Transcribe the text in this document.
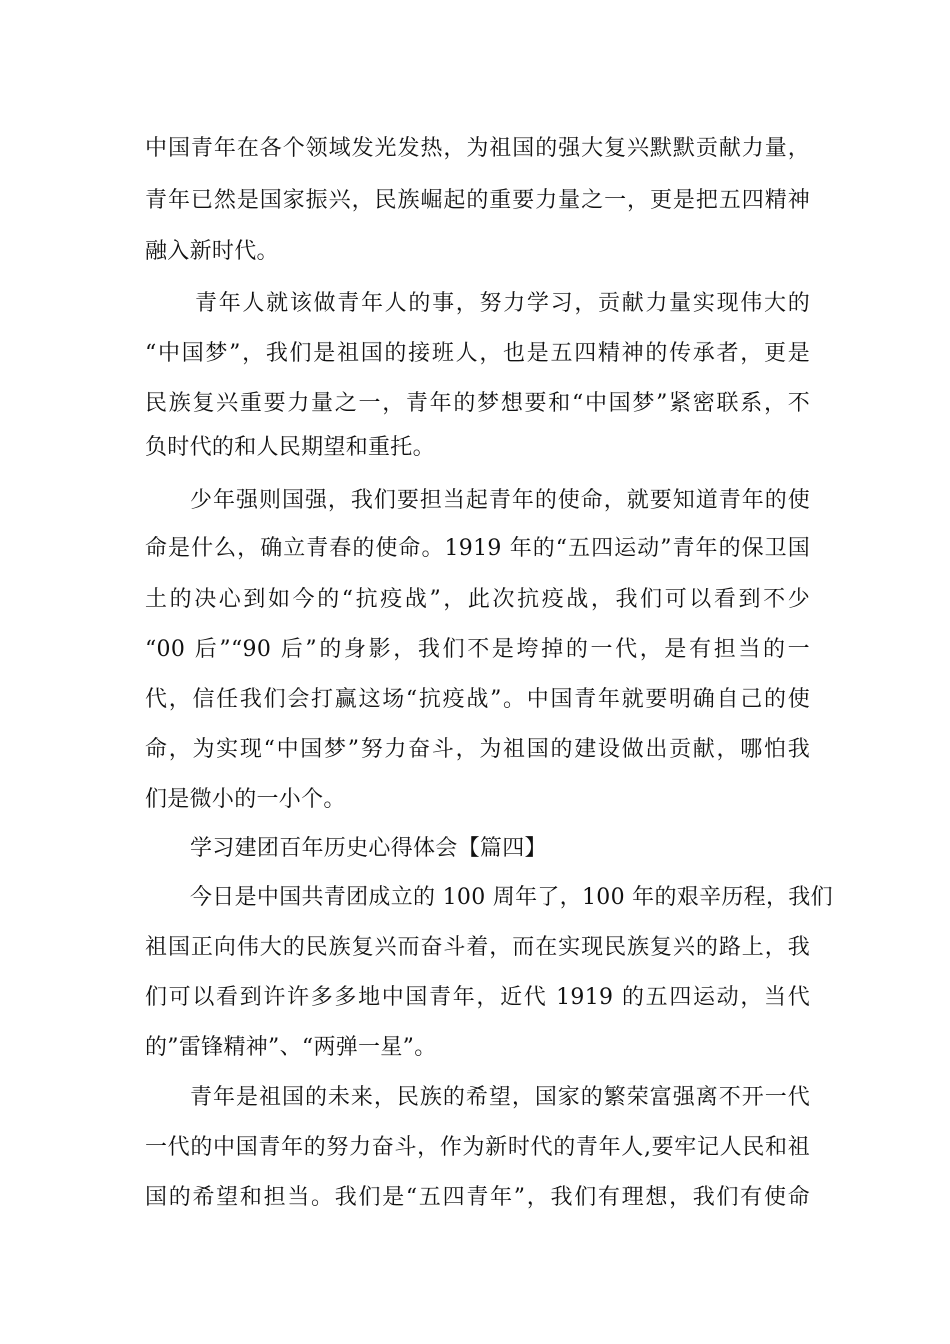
中国青年在各个领域发光发热，为祖国的强大复兴默默贡献力量，
青年已然是国家振兴，民族崛起的重要力量之一，更是把五四精神
融入新时代。
青年人就该做青年人的事，努力学习，贡献力量实现伟大的
“中国梦”，我们是祖国的接班人，也是五四精神的传承者，更是
民族复兴重要力量之一，青年的梦想要和“中国梦”紧密联系，不
负时代的和人民期望和重托。
少年强则国强，我们要担当起青年的使命，就要知道青年的使
命是什么，确立青春的使命。1919 年的“五四运动”青年的保卫国
土的决心到如今的“抗疫战”，此次抗疫战，我们可以看到不少
“00 后”“90 后”的身影，我们不是垮掉的一代，是有担当的一
代，信任我们会打赢这场“抗疫战”。中国青年就要明确自己的使
命，为实现“中国梦”努力奋斗，为祖国的建设做出贡献，哪怕我
们是微小的一小个。
学习建团百年历史心得体会【篇四】
今日是中国共青团成立的 100 周年了，100 年的艰辛历程，我们
祖国正向伟大的民族复兴而奋斗着，而在实现民族复兴的路上，我
们可以看到许许多多地中国青年，近代 1919 的五四运动，当代
的”雷锋精神”、“两弹一星”。
青年是祖国的未来，民族的希望，国家的繁荣富强离不开一代
一代的中国青年的努力奋斗，作为新时代的青年人,要牢记人民和祖
国的希望和担当。我们是“五四青年”，我们有理想，我们有使命
